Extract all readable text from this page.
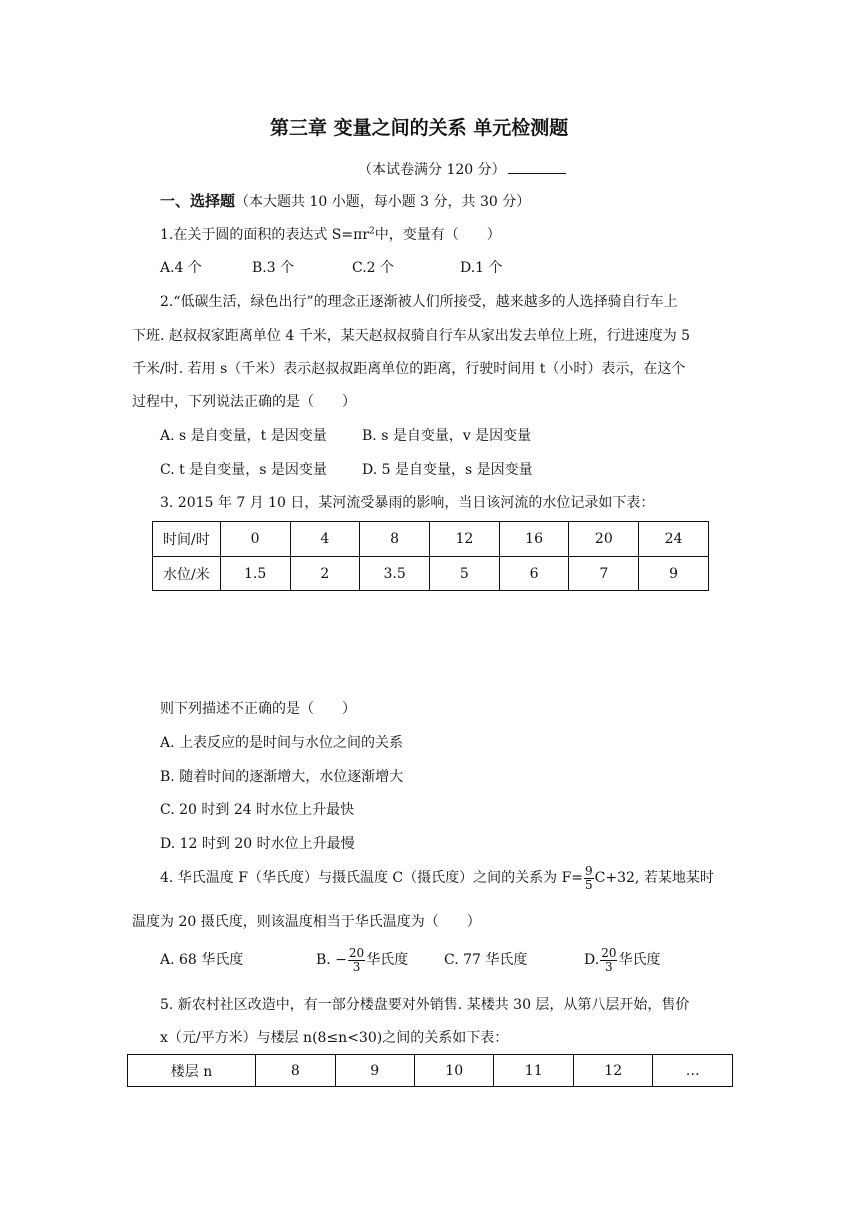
第三章 变量之间的关系 单元检测题
（本试卷满分 120 分）
一、选择题（本大题共 10 小题，每小题 3 分，共 30 分）
1.在关于圆的面积的表达式 $S=\pi r^2$中，变量有（　　）
A.4 个	B.3 个	C.2 个	D.1 个
2.“低碳生活，绿色出行”的理念正逐渐被人们所接受，越来越多的人选择骑自行车上
下班. 赵叔叔家距离单位 4 千米，某天赵叔叔骑自行车从家出发去单位上班，行进速度为 5
千米/时. 若用 s（千米）表示赵叔叔距离单位的距离，行驶时间用 t（小时）表示，在这个
过程中，下列说法正确的是（　　）
A. s 是自变量，t 是因变量	B. s 是自变量，v 是因变量
C. t 是自变量，s 是因变量	D. 5 是自变量，s 是因变量
3. 2015 年 7 月 10 日，某河流受暴雨的影响，当日该河流的水位记录如下表：
时间/时	0	4	8	12	16	20	24
水位/米	1.5	2	3.5	5	6	7	9
则下列描述不正确的是（　　）
A. 上表反应的是时间与水位之间的关系
B. 随着时间的逐渐增大，水位逐渐增大
C. 20 时到 24 时水位上升最快
D. 12 时到 20 时水位上升最慢
4. 华氏温度 F（华氏度）与摄氏温度 C（摄氏度）之间的关系为 $F= \frac{9}{5} C+32$, 若某地某时
温度为 20 摄氏度，则该温度相当于华氏温度为（　　）
A. 68 华氏度	B. − $\frac{20}{3}$ 华氏度	C. 77 华氏度	D. $\frac{20}{3}$ 华氏度
5. 新农村社区改造中，有一部分楼盘要对外销售. 某楼共 30 层，从第八层开始，售价
x（元/平方米）与楼层 n(8≤n<30)之间的关系如下表：
楼层 n	8	9	10	11	12	…
